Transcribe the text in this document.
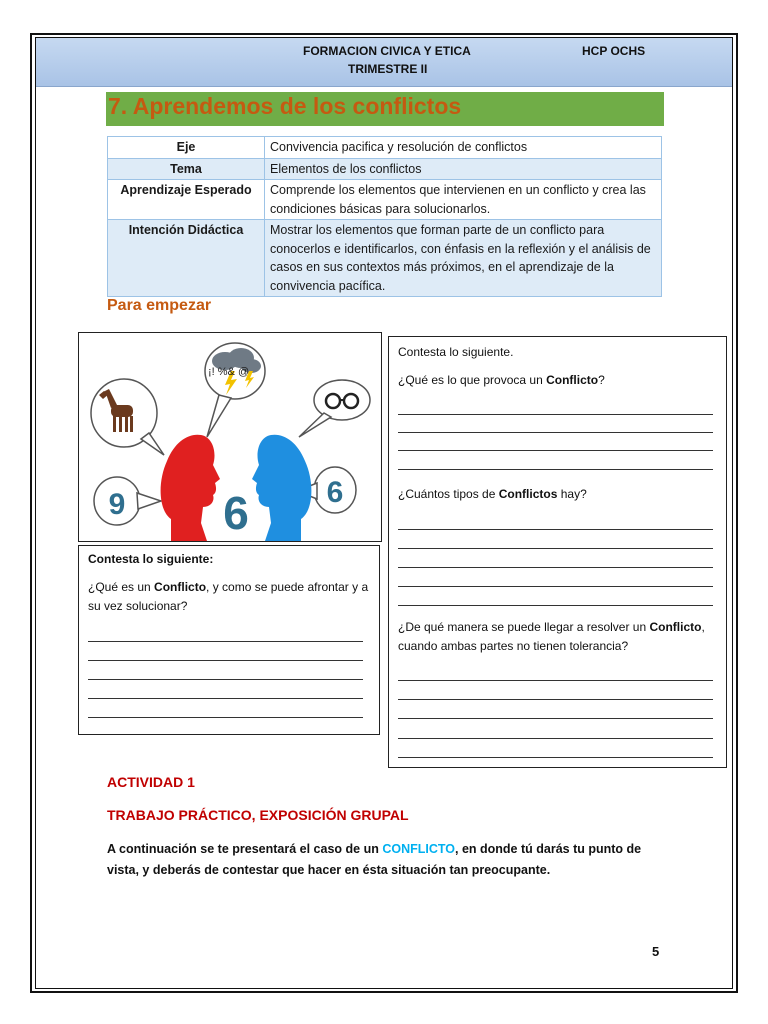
FORMACION CIVICA Y ETICA	HCP OCHS
TRIMESTRE II
7. Aprendemos de los conflictos
Eje	Convivencia pacifica y resolución de conflictos
Tema	Elementos de los conflictos
Aprendizaje Esperado	Comprende los elementos que intervienen en un conflicto y crea las condiciones básicas para solucionarlos.
Intención Didáctica	Mostrar los elementos que forman parte de un conflicto para conocerlos e identificarlos, con énfasis en la reflexión y el análisis de casos en sus contextos más próximos, en el aprendizaje de la convivencia pacífica.
Para empezar
¡! %& @
9	6
6
Contesta lo siguiente:
¿Qué es un Conflicto, y como se puede afrontar y a su vez solucionar?
Contesta lo siguiente.
¿Qué es lo que provoca un Conflicto?
¿Cuántos tipos de Conflictos hay?
¿De qué manera se puede llegar a resolver un Conflicto, cuando ambas partes no tienen tolerancia?
ACTIVIDAD 1
TRABAJO PRÁCTICO, EXPOSICIÓN GRUPAL
A continuación se te presentará el caso de un CONFLICTO, en donde tú darás tu punto de vista, y deberás de contestar que hacer en ésta situación tan preocupante.
5
